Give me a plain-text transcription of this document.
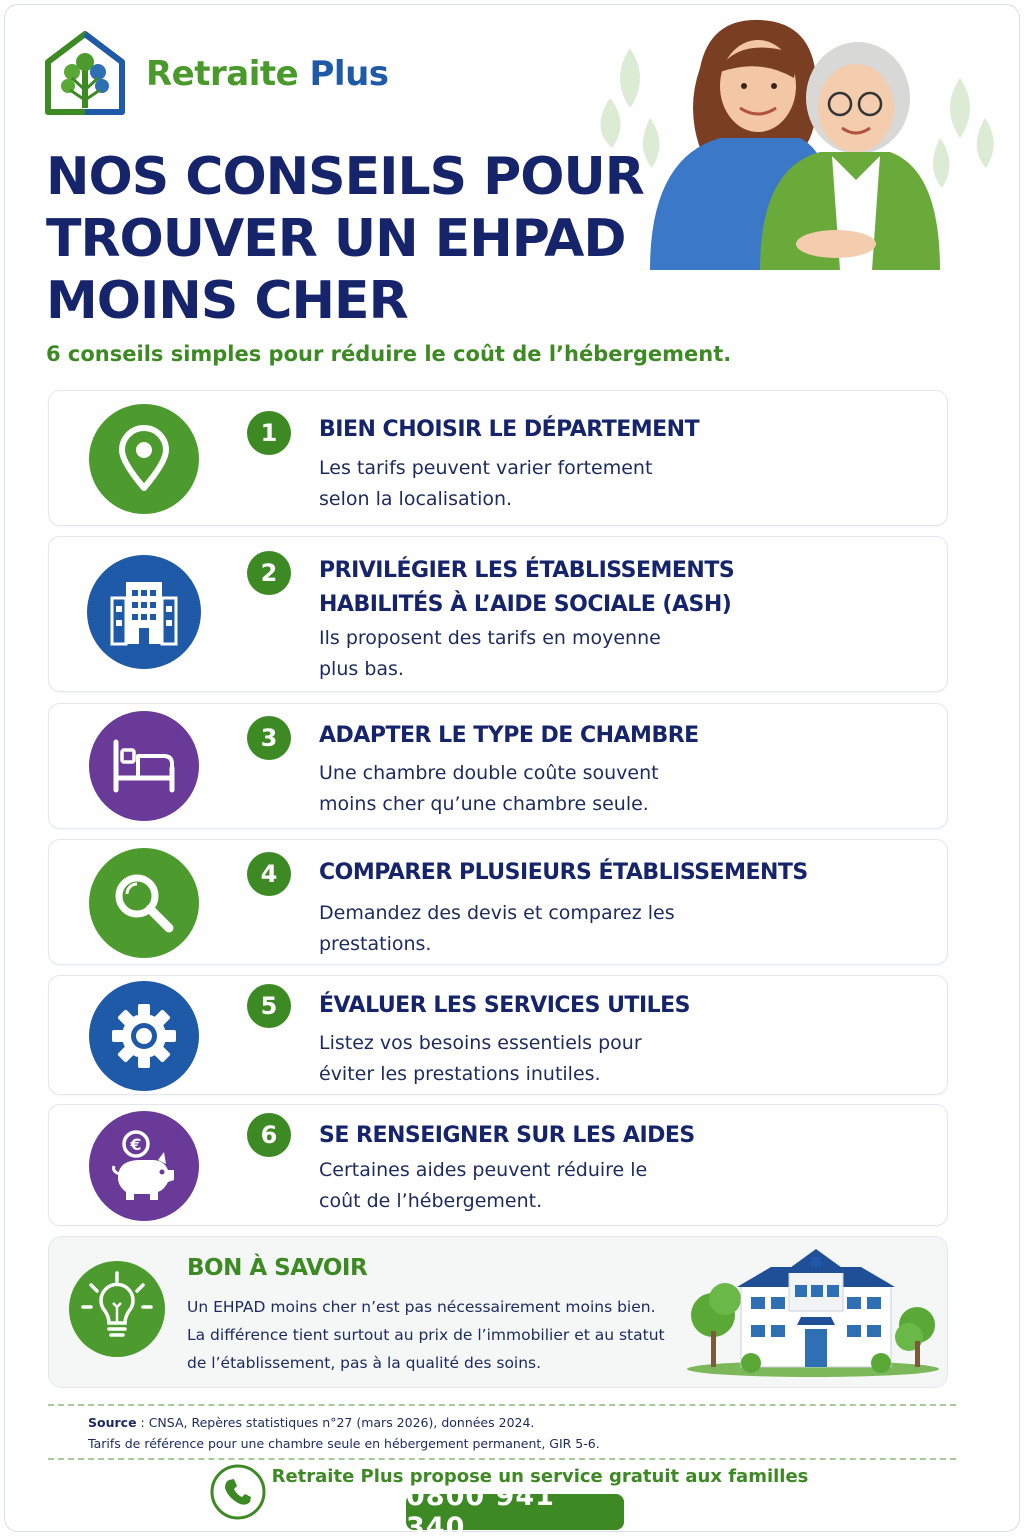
Retraite Plus
NOS CONSEILS POUR
TROUVER UN EHPAD
MOINS CHER
6 conseils simples pour réduire le coût de l’hébergement.
1	BIEN CHOISIR LE DÉPARTEMENT
Les tarifs peuvent varier fortement selon la localisation.
2	PRIVILÉGIER LES ÉTABLISSEMENTS
HABILITÉS À L’AIDE SOCIALE (ASH)
Ils proposent des tarifs en moyenne plus bas.
3	ADAPTER LE TYPE DE CHAMBRE
Une chambre double coûte souvent moins cher qu’une chambre seule.
4	COMPARER PLUSIEURS ÉTABLISSEMENTS
Demandez des devis et comparez les prestations.
5	ÉVALUER LES SERVICES UTILES
Listez vos besoins essentiels pour éviter les prestations inutiles.
€	6	SE RENSEIGNER SUR LES AIDES
Certaines aides peuvent réduire le coût de l’hébergement.
BON À SAVOIR
Un EHPAD moins cher n’est pas nécessairement moins bien.
La différence tient surtout au prix de l’immobilier et au statut
de l’établissement, pas à la qualité des soins.
Source : CNSA, Repères statistiques n°27 (mars 2026), données 2024.
Tarifs de référence pour une chambre seule en hébergement permanent, GIR 5-6.
Retraite Plus propose un service gratuit aux familles
0800 941 340
